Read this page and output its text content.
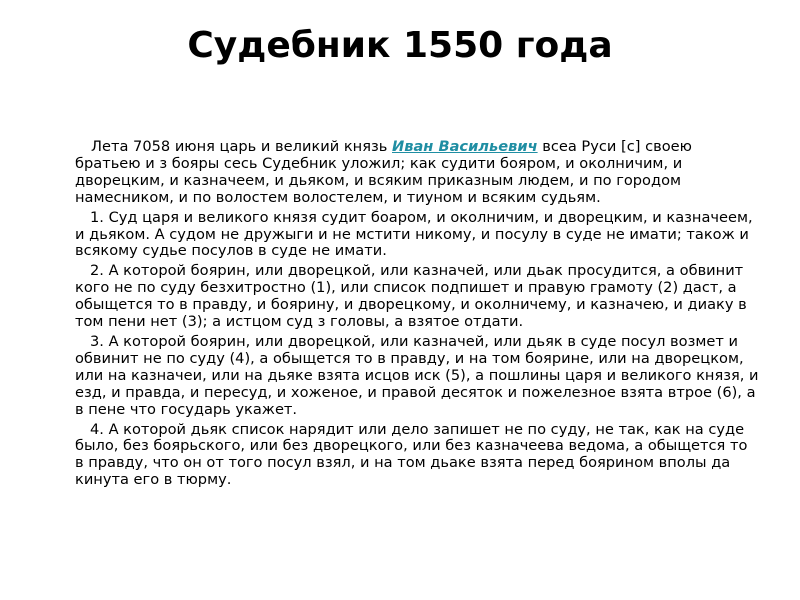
Судебник 1550 года

Лета 7058 июня царь и великий князь Иван Васильевич всеа Руси [с] своею братьею и з бояры сесь Судебник уложил; как судити бояром, и околничим, и дворецким, и казначеем, и дьяком, и всяким приказным людем, и по городом намесником, и по волостем волостелем, и тиуном и всяким судьям.

1. Суд царя и великого князя судит боаром, и околничим, и дворецким, и казначеем, и дьяком. А судом не дружыги и не мстити никому, и посулу в суде не имати; також и всякому судье посулов в суде не имати.

2. А которой боярин, или дворецкой, или казначей, или дьак просудится, а обвинит кого не по суду безхитростно (1), или список подпишет и правую грамоту (2) даст, а обыщется то в правду, и боярину, и дворецкому, и околничему, и казначею, и диаку в том пени нет (3); а истцом суд з головы, а взятое отдати.

3. А которой боярин, или дворецкой, или казначей, или дьяк в суде посул возмет и обвинит не по суду (4), а обыщется то в правду, и на том боярине, или на дворецком, или на казначеи, или на дьяке взята исцов иск (5), а пошлины царя и великого князя, и езд, и правда, и пересуд, и хоженое, и правой десяток и пожелезное взята втрое (6), а в пене что государь укажет.

4. А которой дьяк список нарядит или дело запишет не по суду, не так, как на суде было, без боярьского, или без дворецкого, или без казначеева ведома, а обыщется то в правду, что он от того посул взял, и на том дьаке взята перед боярином вполы да кинута его в тюрму.
